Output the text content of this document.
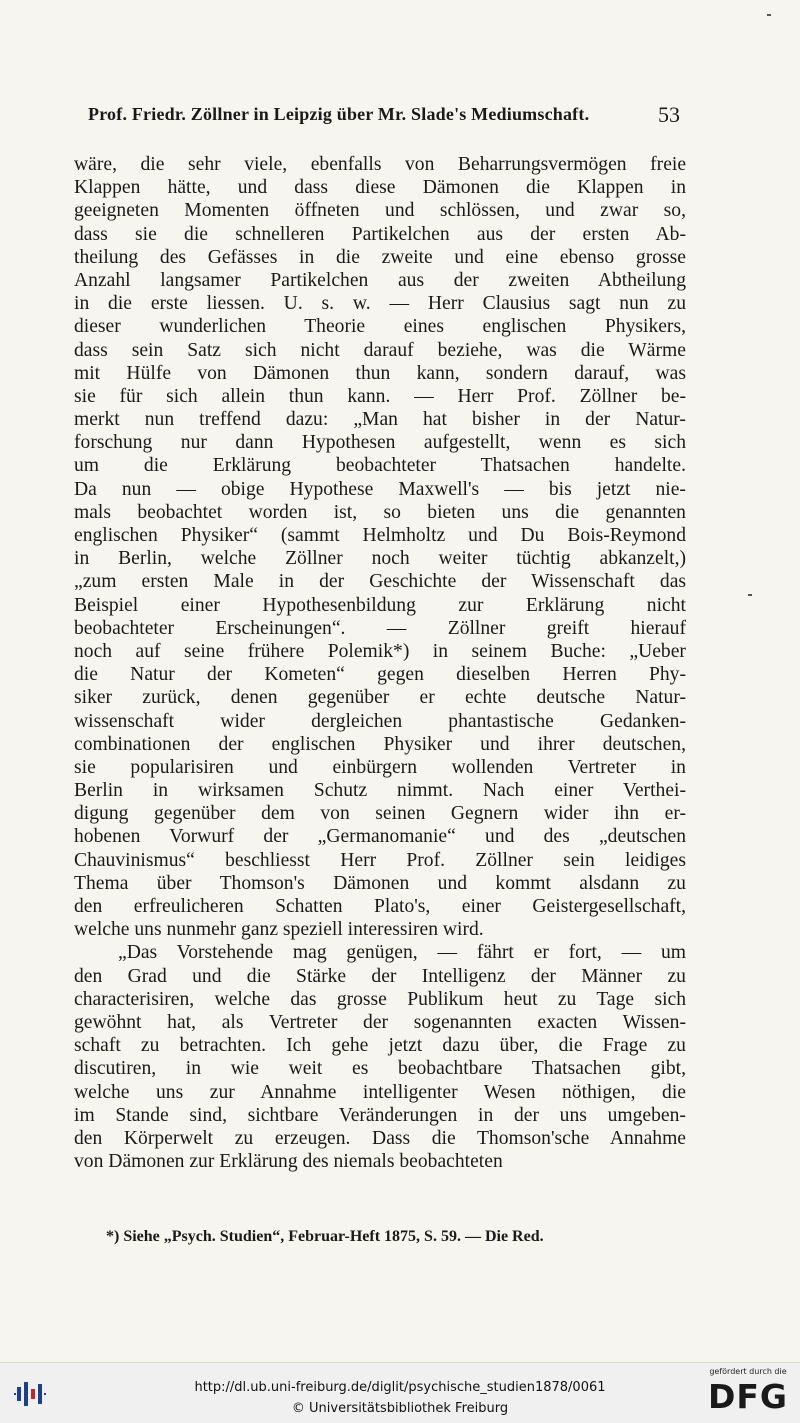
Prof. Friedr. Zöllner in Leipzig über Mr. Slade's Mediumschaft.	53
wäre, die sehr viele, ebenfalls von Beharrungsvermögen freie
Klappen hätte, und dass diese Dämonen die Klappen in
geeigneten Momenten öffneten und schlössen, und zwar so,
dass sie die schnelleren Partikelchen aus der ersten Ab-
theilung des Gefässes in die zweite und eine ebenso grosse
Anzahl langsamer Partikelchen aus der zweiten Abtheilung
in die erste liessen. U. s. w. — Herr Clausius sagt nun zu
dieser wunderlichen Theorie eines englischen Physikers,
dass sein Satz sich nicht darauf beziehe, was die Wärme
mit Hülfe von Dämonen thun kann, sondern darauf, was
sie für sich allein thun kann. — Herr Prof. Zöllner be-
merkt nun treffend dazu: „Man hat bisher in der Natur-
forschung nur dann Hypothesen aufgestellt, wenn es sich
um die Erklärung beobachteter Thatsachen handelte.
Da nun — obige Hypothese Maxwell's — bis jetzt nie-
mals beobachtet worden ist, so bieten uns die genannten
englischen Physiker“ (sammt Helmholtz und Du Bois-Reymond
in Berlin, welche Zöllner noch weiter tüchtig abkanzelt,)
„zum ersten Male in der Geschichte der Wissenschaft das
Beispiel einer Hypothesenbildung zur Erklärung nicht
beobachteter Erscheinungen“. — Zöllner greift hierauf
noch auf seine frühere Polemik*) in seinem Buche: „Ueber
die Natur der Kometen“ gegen dieselben Herren Phy-
siker zurück, denen gegenüber er echte deutsche Natur-
wissenschaft wider dergleichen phantastische Gedanken-
combinationen der englischen Physiker und ihrer deutschen,
sie popularisiren und einbürgern wollenden Vertreter in
Berlin in wirksamen Schutz nimmt. Nach einer Verthei-
digung gegenüber dem von seinen Gegnern wider ihn er-
hobenen Vorwurf der „Germanomanie“ und des „deutschen
Chauvinismus“ beschliesst Herr Prof. Zöllner sein leidiges
Thema über Thomson's Dämonen und kommt alsdann zu
den erfreulicheren Schatten Plato's, einer Geistergesellschaft,
welche uns nunmehr ganz speziell interessiren wird.
„Das Vorstehende mag genügen, — fährt er fort, — um
den Grad und die Stärke der Intelligenz der Männer zu
characterisiren, welche das grosse Publikum heut zu Tage sich
gewöhnt hat, als Vertreter der sogenannten exacten Wissen-
schaft zu betrachten. Ich gehe jetzt dazu über, die Frage zu
discutiren, in wie weit es beobachtbare Thatsachen gibt,
welche uns zur Annahme intelligenter Wesen nöthigen, die
im Stande sind, sichtbare Veränderungen in der uns umgeben-
den Körperwelt zu erzeugen. Dass die Thomson'sche Annahme
von Dämonen zur Erklärung des niemals beobachteten
*) Siehe „Psych. Studien“, Februar-Heft 1875, S. 59. — Die Red.
http://dl.ub.uni-freiburg.de/diglit/psychische_studien1878/0061
© Universitätsbibliothek Freiburg
gefördert durch die
DFG
